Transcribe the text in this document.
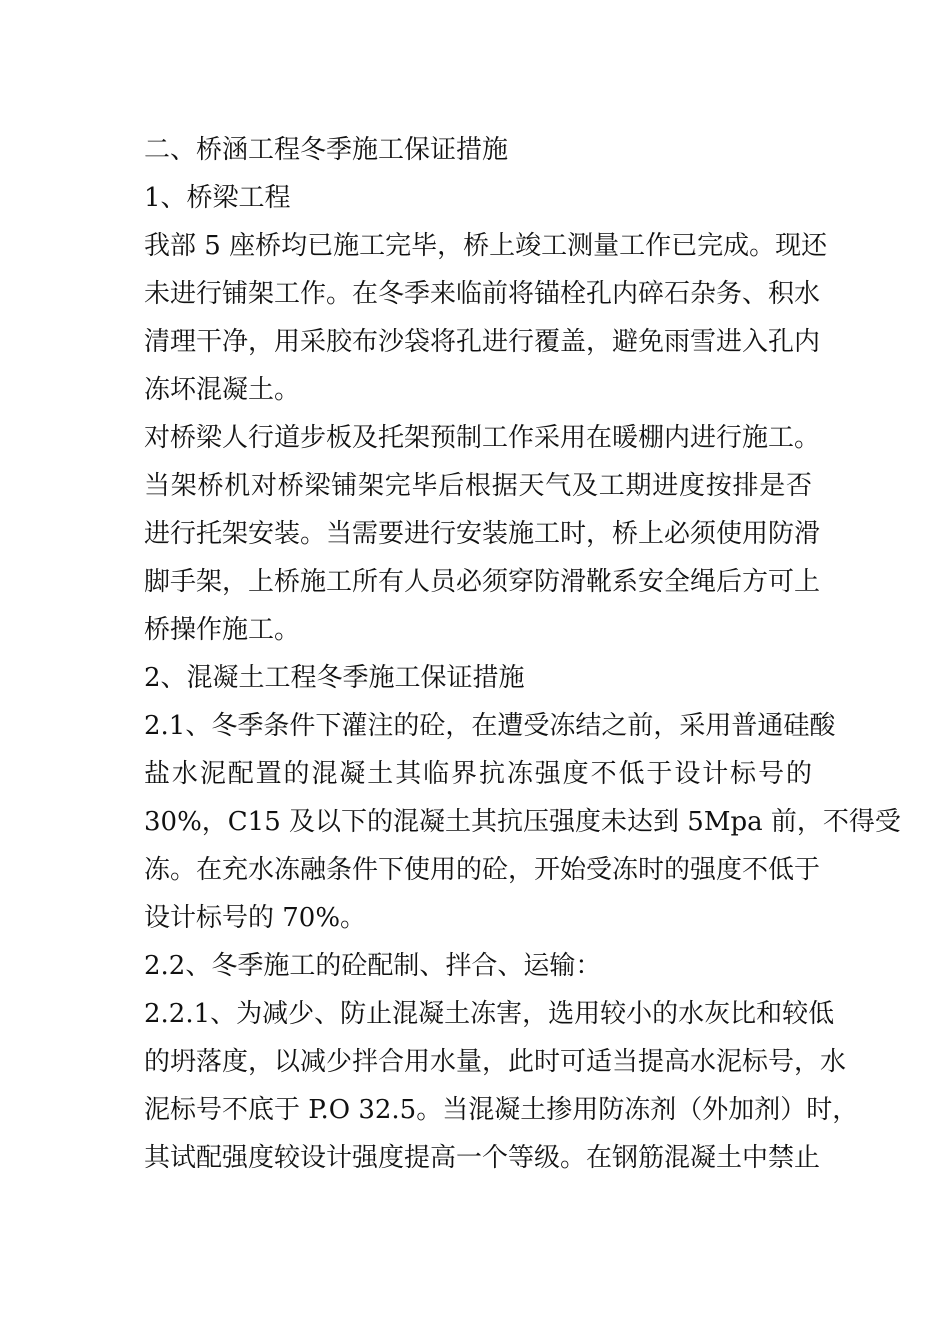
二、桥涵工程冬季施工保证措施
1、桥梁工程
我部 5 座桥均已施工完毕，桥上竣工测量工作已完成。现还
未进行铺架工作。在冬季来临前将锚栓孔内碎石杂务、积水
清理干净，用采胶布沙袋将孔进行覆盖，避免雨雪进入孔内
冻坏混凝土。
对桥梁人行道步板及托架预制工作采用在暖棚内进行施工。
当架桥机对桥梁铺架完毕后根据天气及工期进度按排是否
进行托架安装。当需要进行安装施工时，桥上必须使用防滑
脚手架，上桥施工所有人员必须穿防滑靴系安全绳后方可上
桥操作施工。
2、混凝土工程冬季施工保证措施
2.1、冬季条件下灌注的砼，在遭受冻结之前，采用普通硅酸
盐水泥配置的混凝土其临界抗冻强度不低于设计标号的
30%，C15 及以下的混凝土其抗压强度未达到 5Mpa 前，不得受
冻。在充水冻融条件下使用的砼，开始受冻时的强度不低于
设计标号的 70%。
2.2、冬季施工的砼配制、拌合、运输：
2.2.1、为减少、防止混凝土冻害，选用较小的水灰比和较低
的坍落度，以减少拌合用水量，此时可适当提高水泥标号，水
泥标号不底于 P.O 32.5。当混凝土掺用防冻剂（外加剂）时，
其试配强度较设计强度提高一个等级。在钢筋混凝土中禁止
